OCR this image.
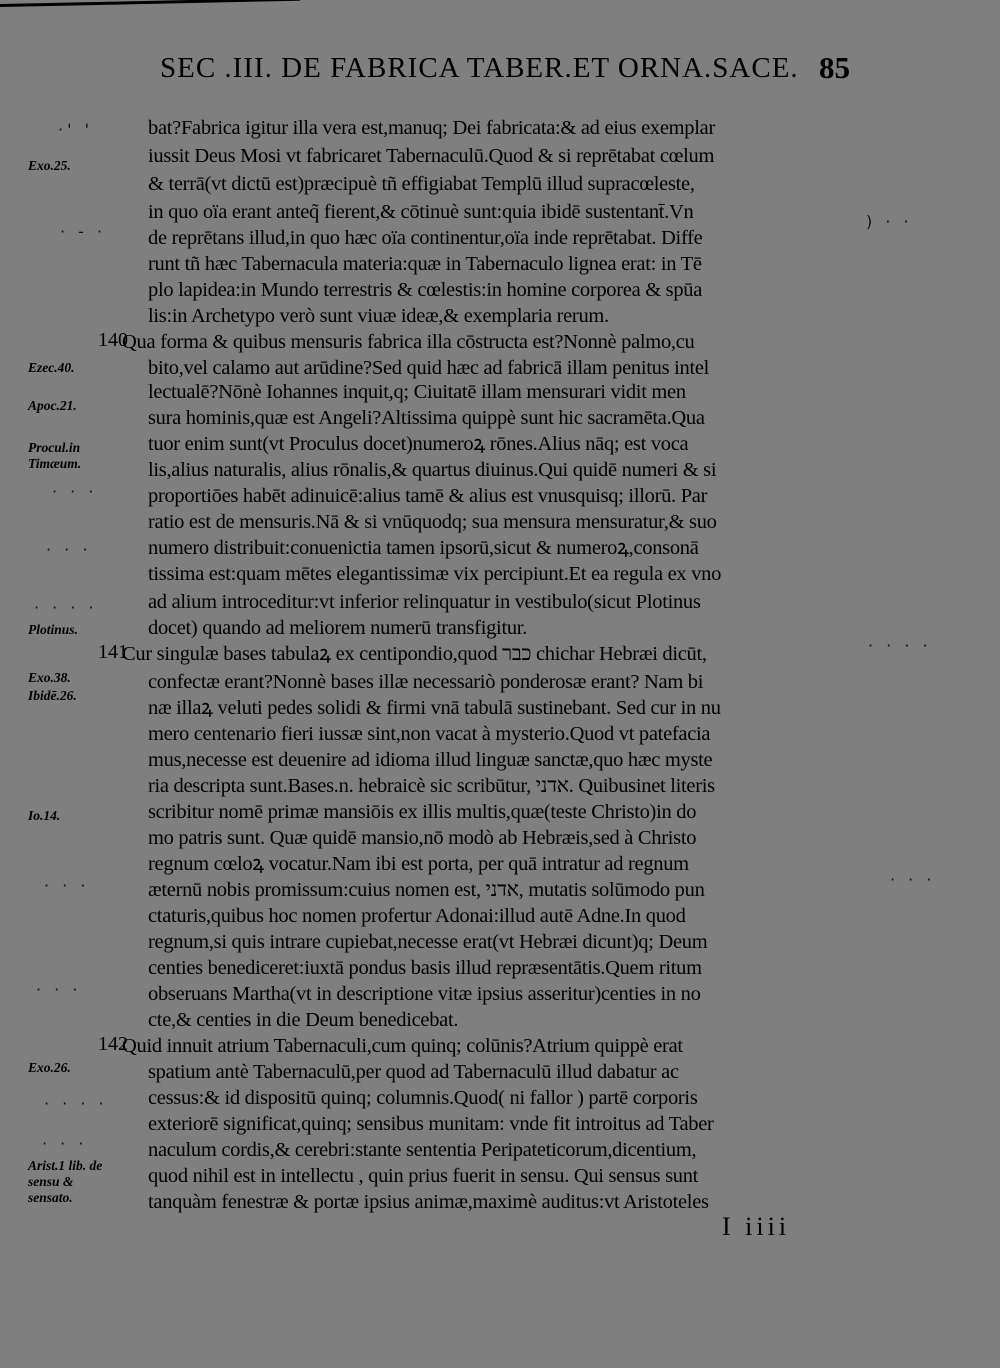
SEC .III. DE FABRICA TABER.ET ORNA.SACE. 85
bat?Fabrica igitur illa vera est,manuq; Dei fabricata:& ad eius exemplar
iussit Deus Mosi vt fabricaret Tabernaculū.Quod & si reprētabat cœlum
& terrā(vt dictū est)præcipuè tñ effigiabat Templū illud supracœleste,
in quo oïa erant anteq̃ fierent,& cōtinuè sunt:quia ibidē sustentant̄.Vn
de reprētans illud,in quo hæc oïa continentur,oïa inde reprētabat. Diffe
runt tñ hæc Tabernacula materia:quæ in Tabernaculo lignea erat: in Tē
plo lapidea:in Mundo terrestris & cœlestis:in homine corporea & spūa
lis:in Archetypo verò sunt viuæ ideæ,& exemplaria rerum.
140
Qua forma & quibus mensuris fabrica illa cōstructa est?Nonnè palmo,cu
bito,vel calamo aut arūdine?Sed quid hæc ad fabricā illam penitus intel
lectualē?Nōnè Iohannes inquit,q; Ciuitatē illam mensurari vidit men
sura hominis,quæ est Angeli?Altissima quippè sunt hic sacramēta.Qua
tuor enim sunt(vt Proculus docet)numeroꝝ rōnes.Alius nāq; est voca
lis,alius naturalis, alius rōnalis,& quartus diuinus.Qui quidē numeri & si
proportiōes habēt adinuicē:alius tamē & alius est vnusquisq; illorū. Par
ratio est de mensuris.Nā & si vnūquodq; sua mensura mensuratur,& suo
numero distribuit:conuenictia tamen ipsorū,sicut & numeroꝝ,consonā
tissima est:quam mētes elegantissimæ vix percipiunt.Et ea regula ex vno
ad alium introceditur:vt inferior relinquatur in vestibulo(sicut Plotinus
docet) quando ad meliorem numerū transfigitur.
141
Cur singulæ bases tabulaꝝ ex centipondio,quod כבר chichar Hebræi dicūt,
confectæ erant?Nonnè bases illæ necessariò ponderosæ erant? Nam bi
næ illaꝝ veluti pedes solidi & firmi vnā tabulā sustinebant. Sed cur in nu
mero centenario fieri iussæ sint,non vacat à mysterio.Quod vt patefacia
mus,necesse est deuenire ad idioma illud linguæ sanctæ,quo hæc myste
ria descripta sunt.Bases.n. hebraicè sic scribūtur, אדני. Quibusinet literis
scribitur nomē primæ mansiōis ex illis multis,quæ(teste Christo)in do
mo patris sunt. Quæ quidē mansio,nō modò ab Hebræis,sed à Christo
regnum cœloꝝ vocatur.Nam ibi est porta, per quā intratur ad regnum
æternū nobis promissum:cuius nomen est, אדני, mutatis solūmodo pun
ctaturis,quibus hoc nomen profertur Adonai:illud autē Adne.In quod
regnum,si quis intrare cupiebat,necesse erat(vt Hebræi dicunt)q; Deum
centies benediceret:iuxtā pondus basis illud repræsentātis.Quem ritum
obseruans Martha(vt in descriptione vitæ ipsius asseritur)centies in no
cte,& centies in die Deum benedicebat.
142
Quid innuit atrium Tabernaculi,cum quinq; colūnis?Atrium quippè erat
spatium antè Tabernaculū,per quod ad Tabernaculū illud dabatur ac
cessus:& id dispositū quinq; columnis.Quod( ni fallor ) partē corporis
exteriorē significat,quinq; sensibus munitam: vnde fit introitus ad Taber
naculum cordis,& cerebri:stante sententia Peripateticorum,dicentium,
quod nihil est in intellectu , quin prius fuerit in sensu. Qui sensus sunt
tanquàm fenestræ & portæ ipsius animæ,maximè auditus:vt Aristoteles
Exo.25.
Ezec.40.
Apoc.21.
Procul.in Timæum.
Plotinus.
Exo.38.
Ibidē.26.
Io.14.
Exo.26.
Arist.1 lib. de sensu & sensato.
·' '
· - ·
· · ·
· · ·
· · · ·
· · ·
· · ·
· · · ·
· · ·
) · ·
· · · ·
· · ·
I iiii
